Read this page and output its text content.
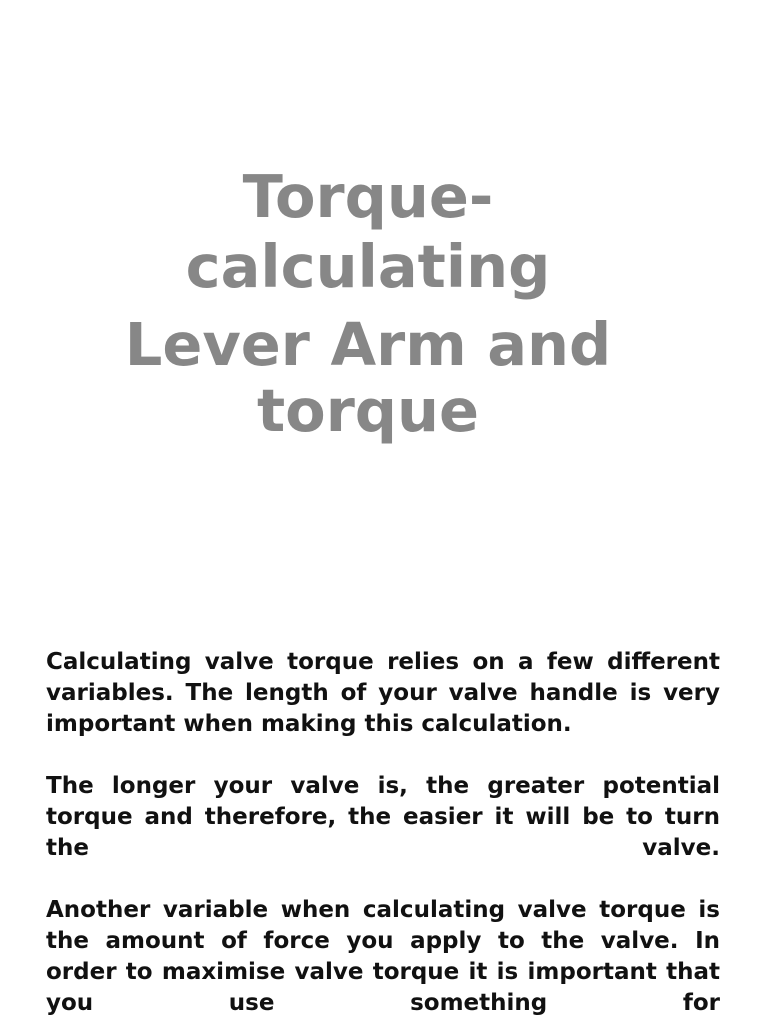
Torque-
calculating
Lever Arm and
torque

Calculating valve torque relies on a few different variables. The length of your valve handle is very important when making this calculation.

The longer your valve is, the greater potential torque and therefore, the easier it will be to turn the valve.

Another variable when calculating valve torque is the amount of force you apply to the valve. In order to maximise valve torque it is important that you use something for
